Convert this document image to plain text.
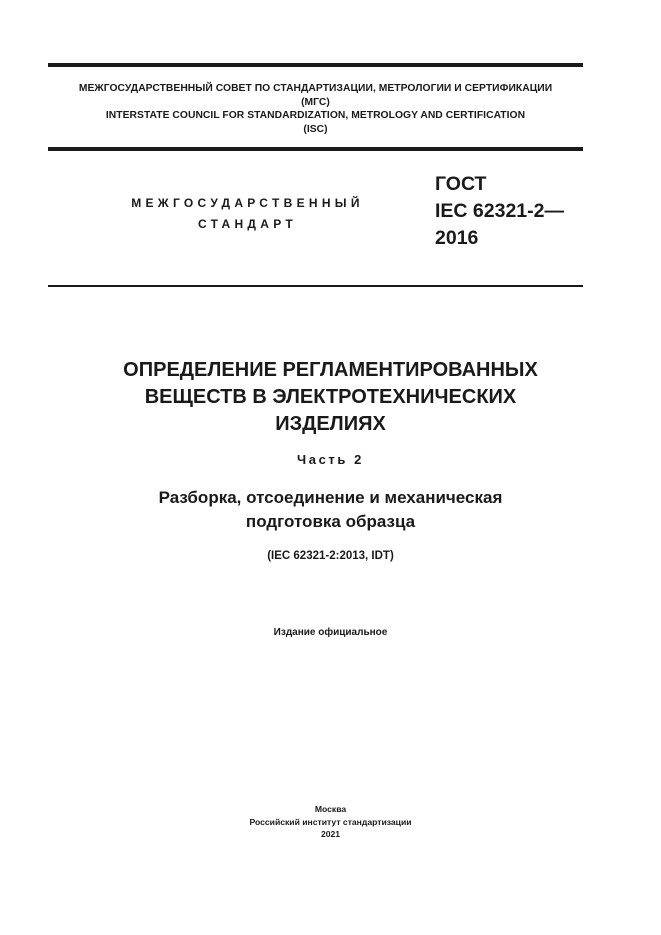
МЕЖГОСУДАРСТВЕННЫЙ СОВЕТ ПО СТАНДАРТИЗАЦИИ, МЕТРОЛОГИИ И СЕРТИФИКАЦИИ
(МГС)
INTERSTATE COUNCIL FOR STANDARDIZATION, METROLOGY AND CERTIFICATION
(ISC)
МЕЖГОСУДАРСТВЕННЫЙ
СТАНДАРТ
ГОСТ
IEC 62321-2—
2016
ОПРЕДЕЛЕНИЕ РЕГЛАМЕНТИРОВАННЫХ
ВЕЩЕСТВ В ЭЛЕКТРОТЕХНИЧЕСКИХ
ИЗДЕЛИЯХ
Часть 2
Разборка, отсоединение и механическая
подготовка образца
(IEC 62321-2:2013, IDT)
Издание официальное
Москва
Российский институт стандартизации
2021
